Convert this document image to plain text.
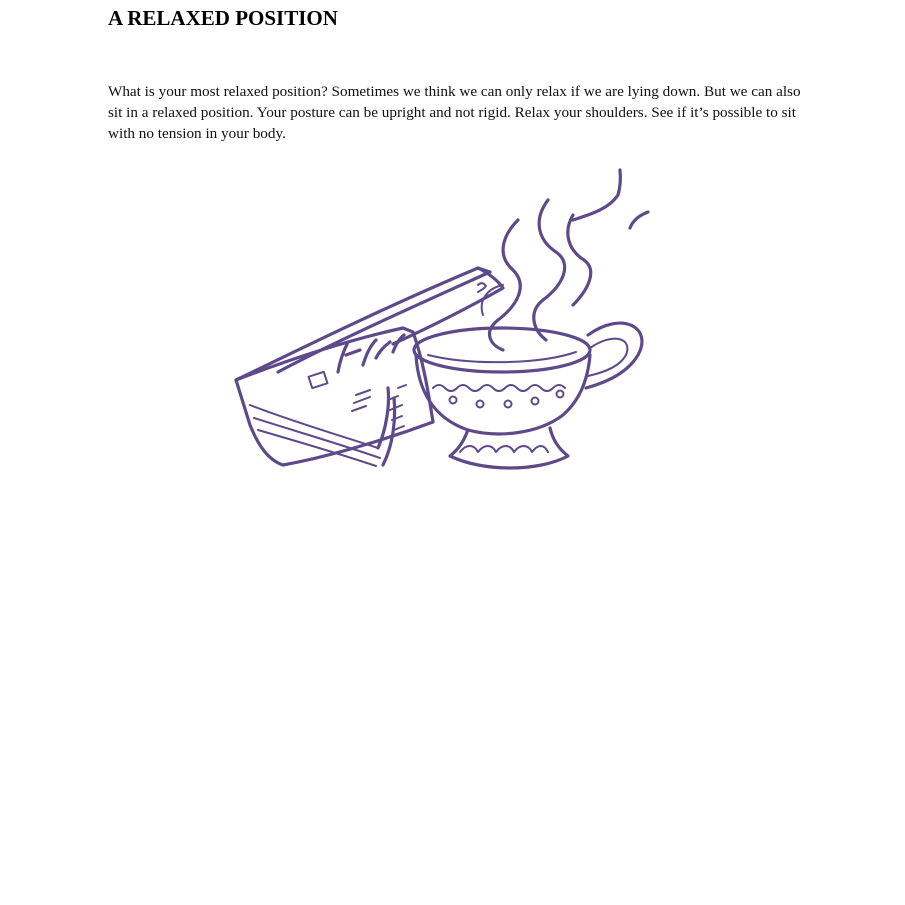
A RELAXED POSITION

What is your most relaxed position? Sometimes we think we can only relax if we are lying down. But we can also sit in a relaxed position. Your posture can be upright and not rigid. Relax your shoulders. See if it’s possible to sit with no tension in your body.
